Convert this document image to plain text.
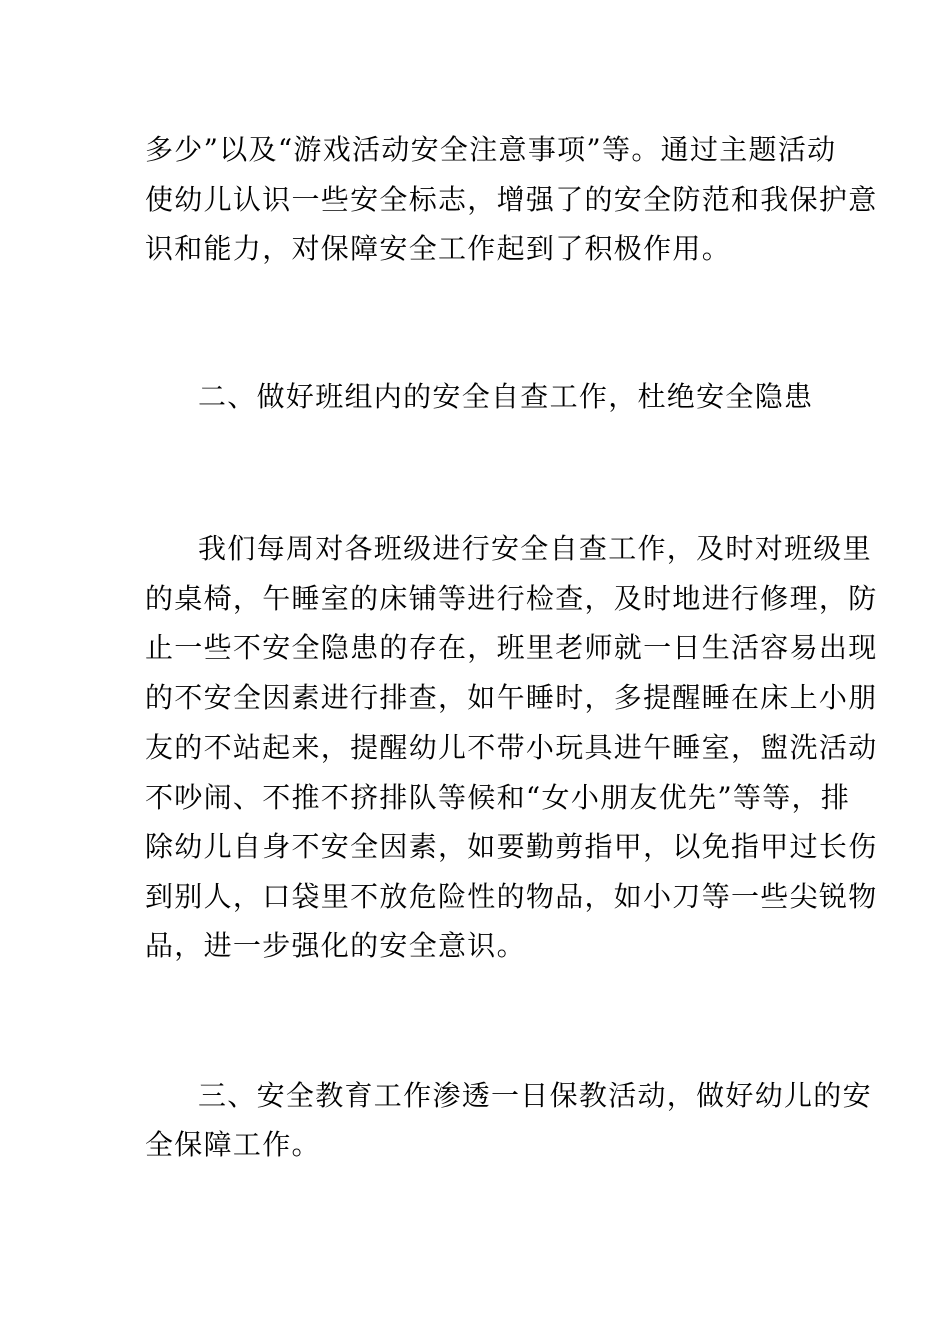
多少”以及“游戏活动安全注意事项”等。通过主题活动
使幼儿认识一些安全标志，增强了的安全防范和我保护意
识和能力，对保障安全工作起到了积极作用。
二、做好班组内的安全自查工作，杜绝安全隐患
我们每周对各班级进行安全自查工作，及时对班级里
的桌椅，午睡室的床铺等进行检查，及时地进行修理，防
止一些不安全隐患的存在，班里老师就一日生活容易出现
的不安全因素进行排查，如午睡时，多提醒睡在床上小朋
友的不站起来，提醒幼儿不带小玩具进午睡室，盥洗活动
不吵闹、不推不挤排队等候和“女小朋友优先”等等，排
除幼儿自身不安全因素，如要勤剪指甲，以免指甲过长伤
到别人，口袋里不放危险性的物品，如小刀等一些尖锐物
品，进一步强化的安全意识。
三、安全教育工作渗透一日保教活动，做好幼儿的安
全保障工作。
